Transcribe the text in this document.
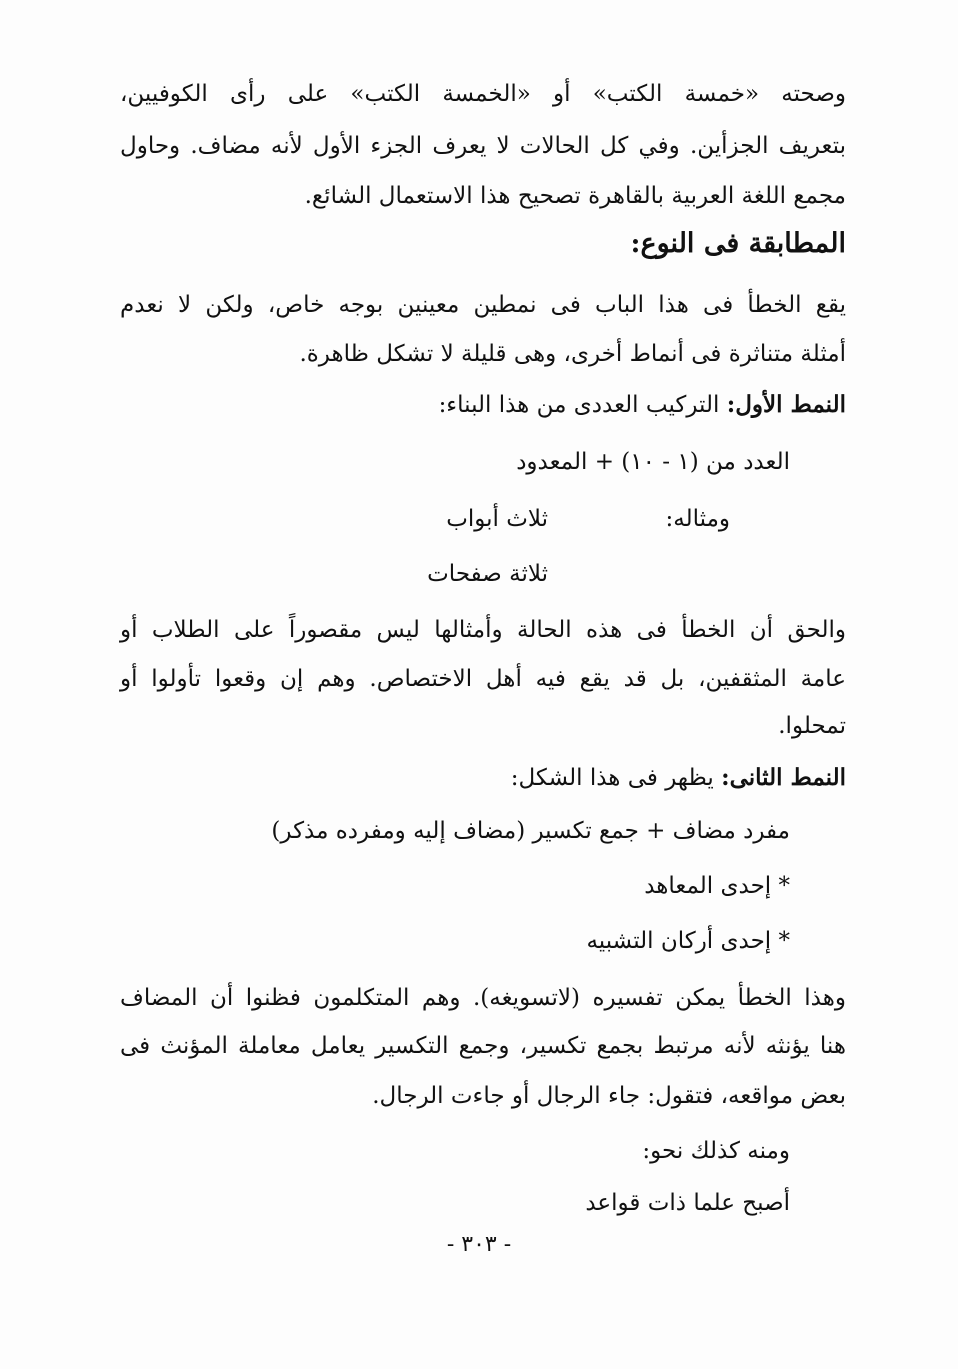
وصحته «خمسة الكتب» أو «الخمسة الكتب» على رأى الكوفيين،
بتعريف الجزأين. وفي كل الحالات لا يعرف الجزء الأول لأنه مضاف. وحاول
مجمع اللغة العربية بالقاهرة تصحيح هذا الاستعمال الشائع.
المطابقة فى النوع:
يقع الخطأ فى هذا الباب فى نمطين معينين بوجه خاص، ولكن لا نعدم
أمثلة متناثرة فى أنماط أخرى، وهى قليلة لا تشكل ظاهرة.
النمط الأول: التركيب العددى من هذا البناء:
العدد من (١ - ١٠) + المعدود
ومثاله:
ثلاث أبواب
ثلاثة صفحات
والحق أن الخطأ فى هذه الحالة وأمثالها ليس مقصوراً على الطلاب أو
عامة المثقفين، بل قد يقع فيه أهل الاختصاص. وهم إن وقعوا تأولوا أو
تمحلوا.
النمط الثانى: يظهر فى هذا الشكل:
مفرد مضاف + جمع تكسير (مضاف إليه ومفرده مذكر)
* إحدى المعاهد
* إحدى أركان التشبيه
وهذا الخطأ يمكن تفسيره (لاتسويغه). وهم المتكلمون فظنوا أن المضاف
هنا يؤنثه لأنه مرتبط بجمع تكسير، وجمع التكسير يعامل معاملة المؤنث فى
بعض مواقعه، فتقول: جاء الرجال أو جاءت الرجال.
ومنه كذلك نحو:
أصبح علما ذات قواعد
- ٣٠٣ -
